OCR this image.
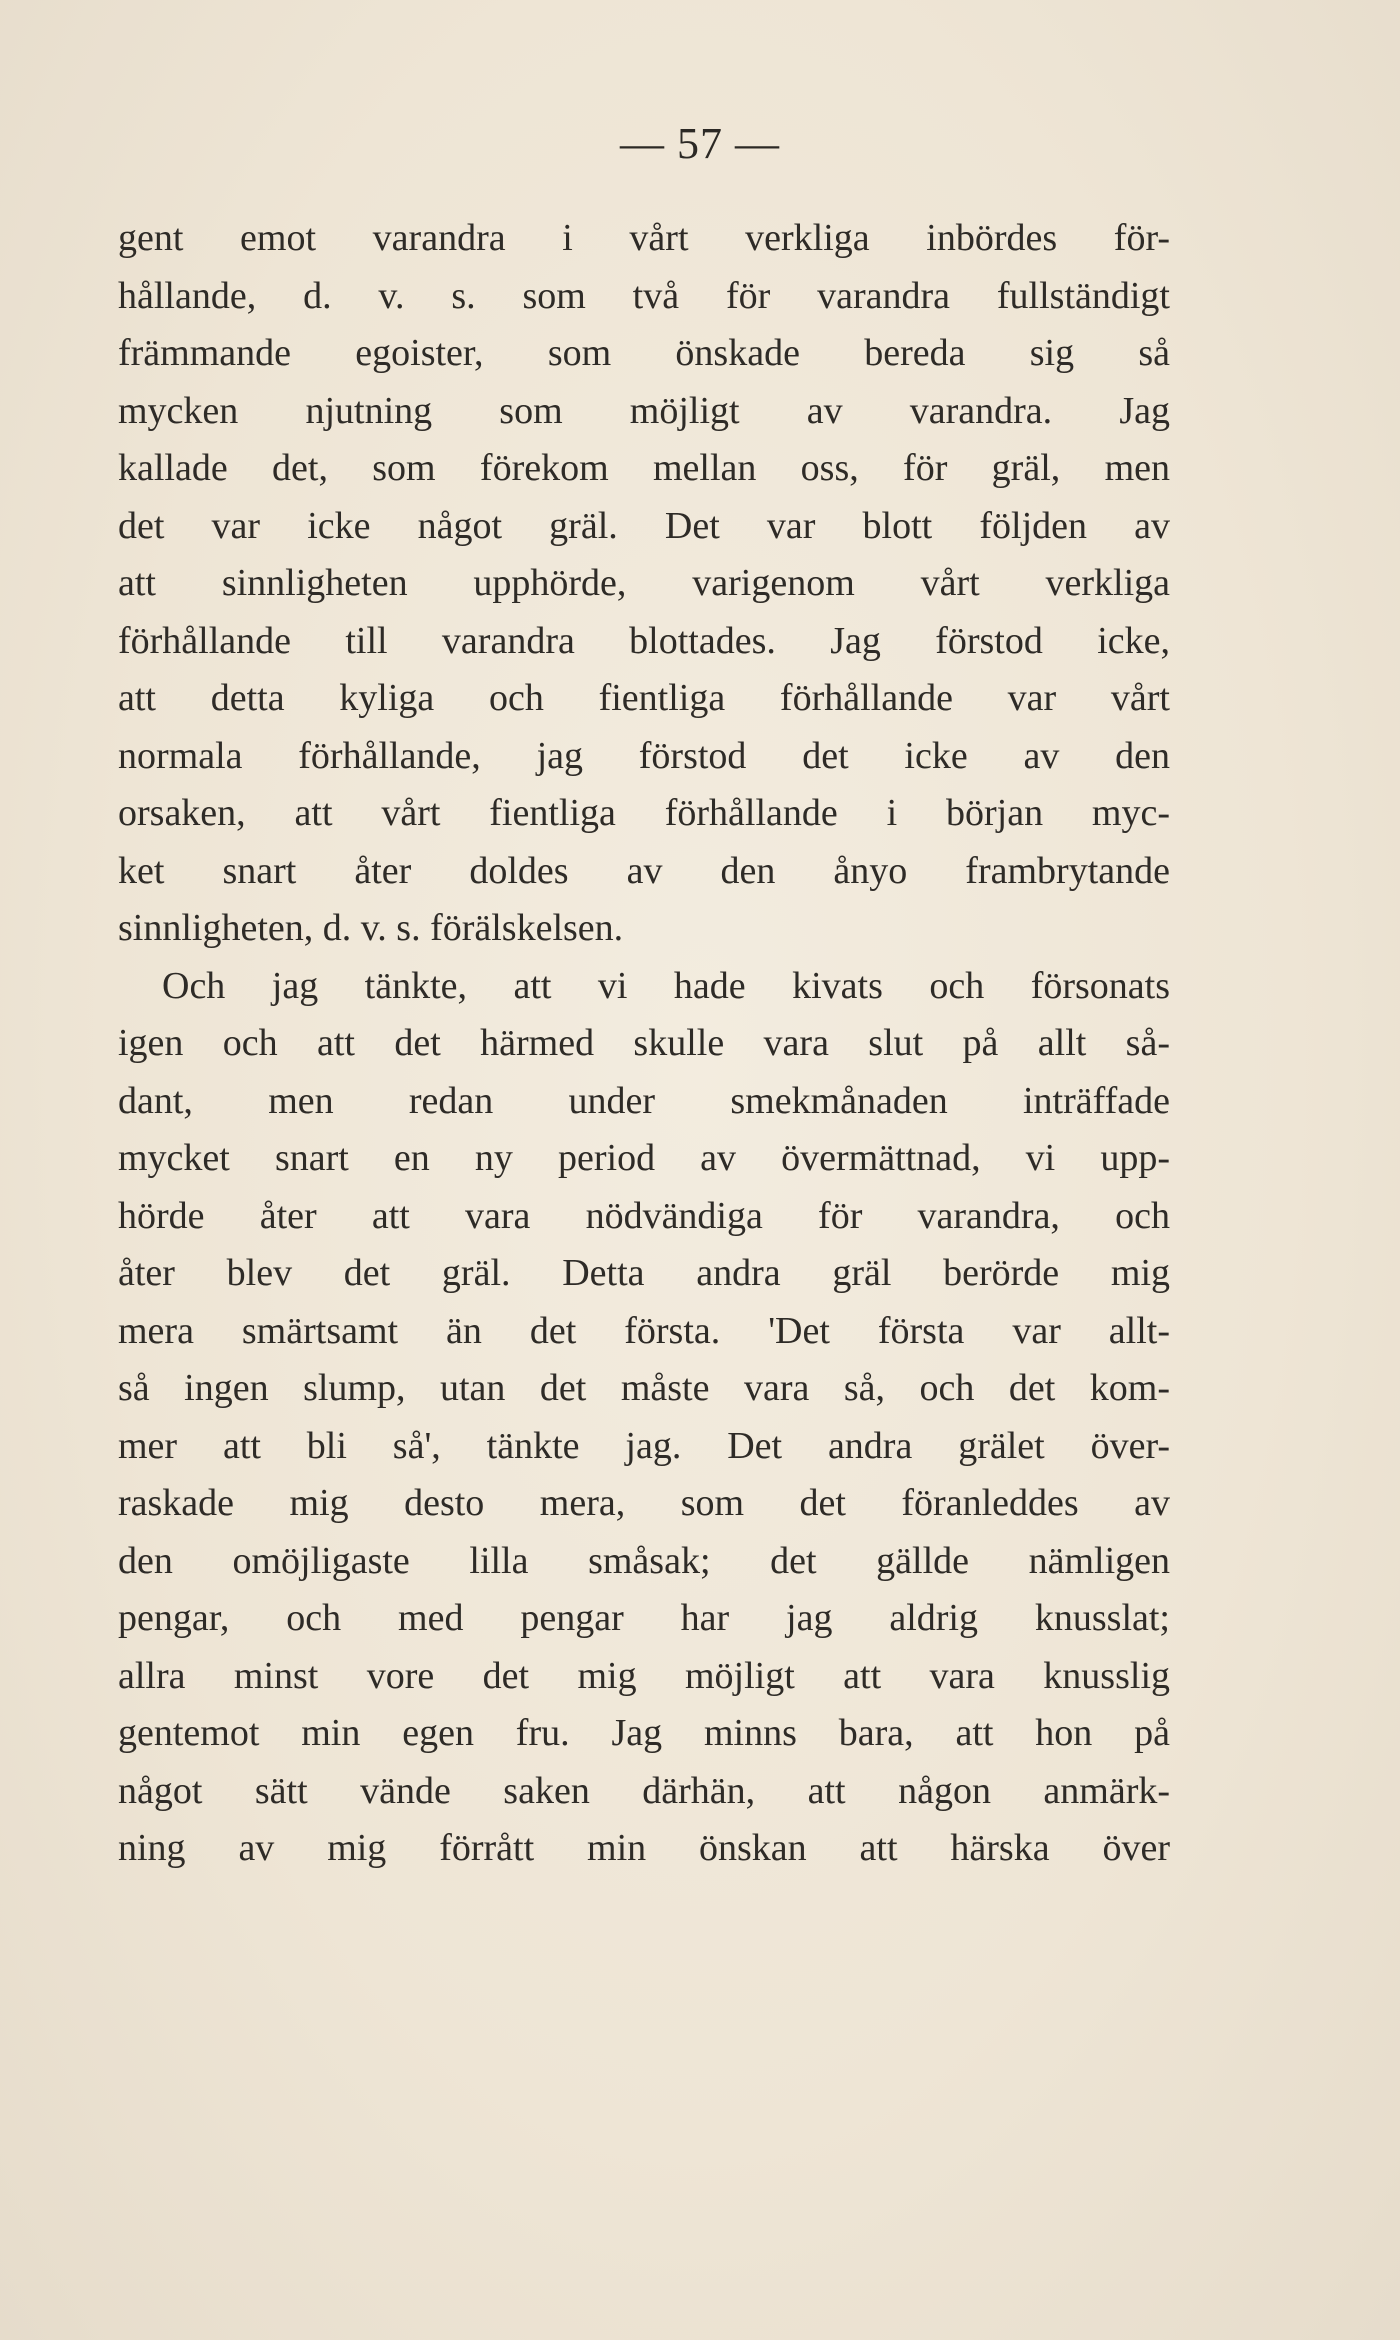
— 57 —
gent emot varandra i vårt verkliga inbördes för-
hållande, d. v. s. som två för varandra fullständigt
främmande egoister, som önskade bereda sig så
mycken njutning som möjligt av varandra. Jag
kallade det, som förekom mellan oss, för gräl, men
det var icke något gräl. Det var blott följden av
att sinnligheten upphörde, varigenom vårt verkliga
förhållande till varandra blottades. Jag förstod icke,
att detta kyliga och fientliga förhållande var vårt
normala förhållande, jag förstod det icke av den
orsaken, att vårt fientliga förhållande i början myc-
ket snart åter doldes av den ånyo frambrytande
sinnligheten, d. v. s. förälskelsen.
Och jag tänkte, att vi hade kivats och försonats
igen och att det härmed skulle vara slut på allt så-
dant, men redan under smekmånaden inträffade
mycket snart en ny period av övermättnad, vi upp-
hörde åter att vara nödvändiga för varandra, och
åter blev det gräl. Detta andra gräl berörde mig
mera smärtsamt än det första. 'Det första var allt-
så ingen slump, utan det måste vara så, och det kom-
mer att bli så', tänkte jag. Det andra grälet över-
raskade mig desto mera, som det föranleddes av
den omöjligaste lilla småsak; det gällde nämligen
pengar, och med pengar har jag aldrig knusslat;
allra minst vore det mig möjligt att vara knusslig
gentemot min egen fru. Jag minns bara, att hon på
något sätt vände saken därhän, att någon anmärk-
ning av mig förrått min önskan att härska över
